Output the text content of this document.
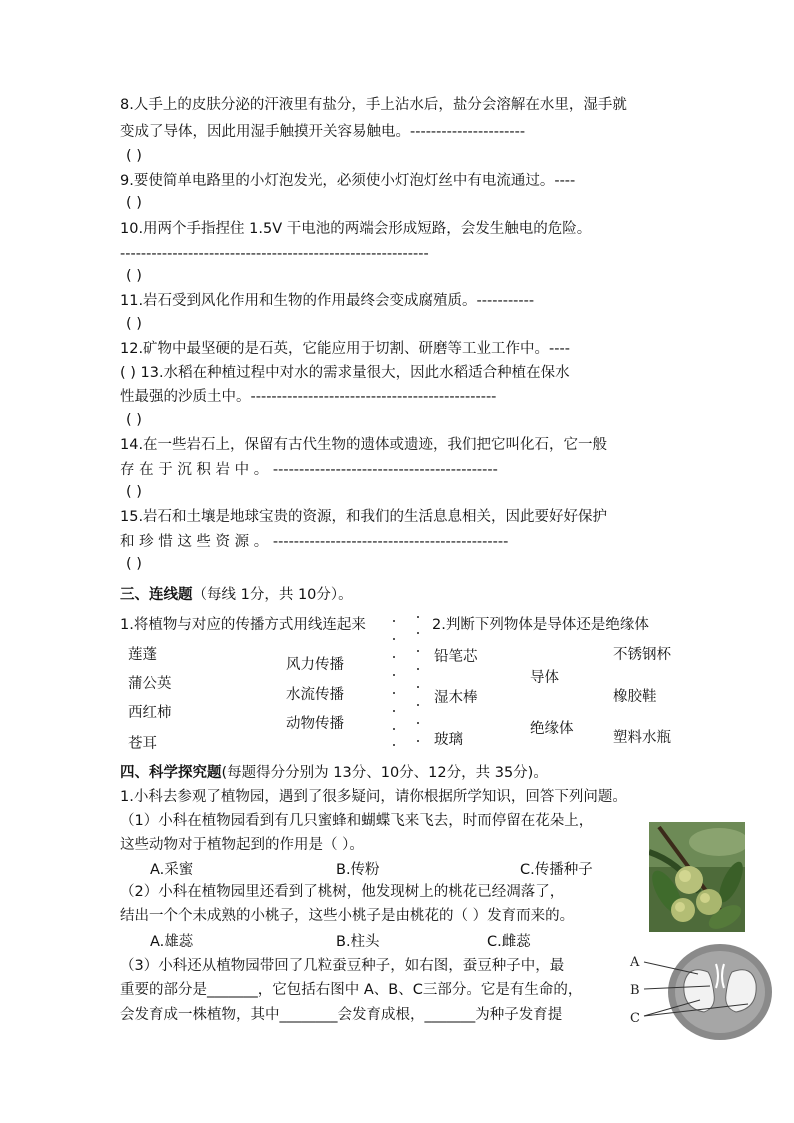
8.人手上的皮肤分泌的汗液里有盐分，手上沾水后，盐分会溶解在水里，湿手就
变成了导体，因此用湿手触摸开关容易触电。----------------------
( )
9.要使简单电路里的小灯泡发光，必须使小灯泡灯丝中有电流通过。----
( )
10.用两个手指捏住 1.5V 干电池的两端会形成短路，会发生触电的危险。
-----------------------------------------------------------
( )
11.岩石受到风化作用和生物的作用最终会变成腐殖质。-----------
( )
12.矿物中最坚硬的是石英，它能应用于切割、研磨等工业工作中。----
( ) 13.水稻在种植过程中对水的需求量很大，因此水稻适合种植在保水
性最强的沙质土中。-----------------------------------------------
( )
14.在一些岩石上，保留有古代生物的遗体或遗迹，我们把它叫化石，它一般
存 在 于 沉 积 岩 中 。 -------------------------------------------
( )
15.岩石和土壤是地球宝贵的资源，和我们的生活息息相关，因此要好好保护
和 珍 惜 这 些 资 源 。 ---------------------------------------------
( )
三、连线题（每线 1分，共 10分）。
1.将植物与对应的传播方式用线连起来	2.判断下列物体是导体还是绝缘体
莲蓬
蒲公英
西红柿
苍耳
风力传播
水流传播
动物传播
铅笔芯
湿木棒
玻璃
导体
绝缘体
不锈钢杯
橡胶鞋
塑料水瓶
四、科学探究题(每题得分分别为 13分、10分、12分，共 35分)。
1.小科去参观了植物园，遇到了很多疑问，请你根据所学知识，回答下列问题。
（1）小科在植物园看到有几只蜜蜂和蝴蝶飞来飞去，时而停留在花朵上，
这些动物对于植物起到的作用是（ ）。
A.采蜜	B.传粉	C.传播种子
（2）小科在植物园里还看到了桃树，他发现树上的桃花已经凋落了，
结出一个个未成熟的小桃子，这些小桃子是由桃花的（ ）发育而来的。
A.雄蕊	B.柱头	C.雌蕊
（3）小科还从植物园带回了几粒蚕豆种子，如右图，蚕豆种子中，最
重要的部分是_______，它包括右图中 A、B、C三部分。它是有生命的，
会发育成一株植物，其中________会发育成根，_______为种子发育提
A
B
C
